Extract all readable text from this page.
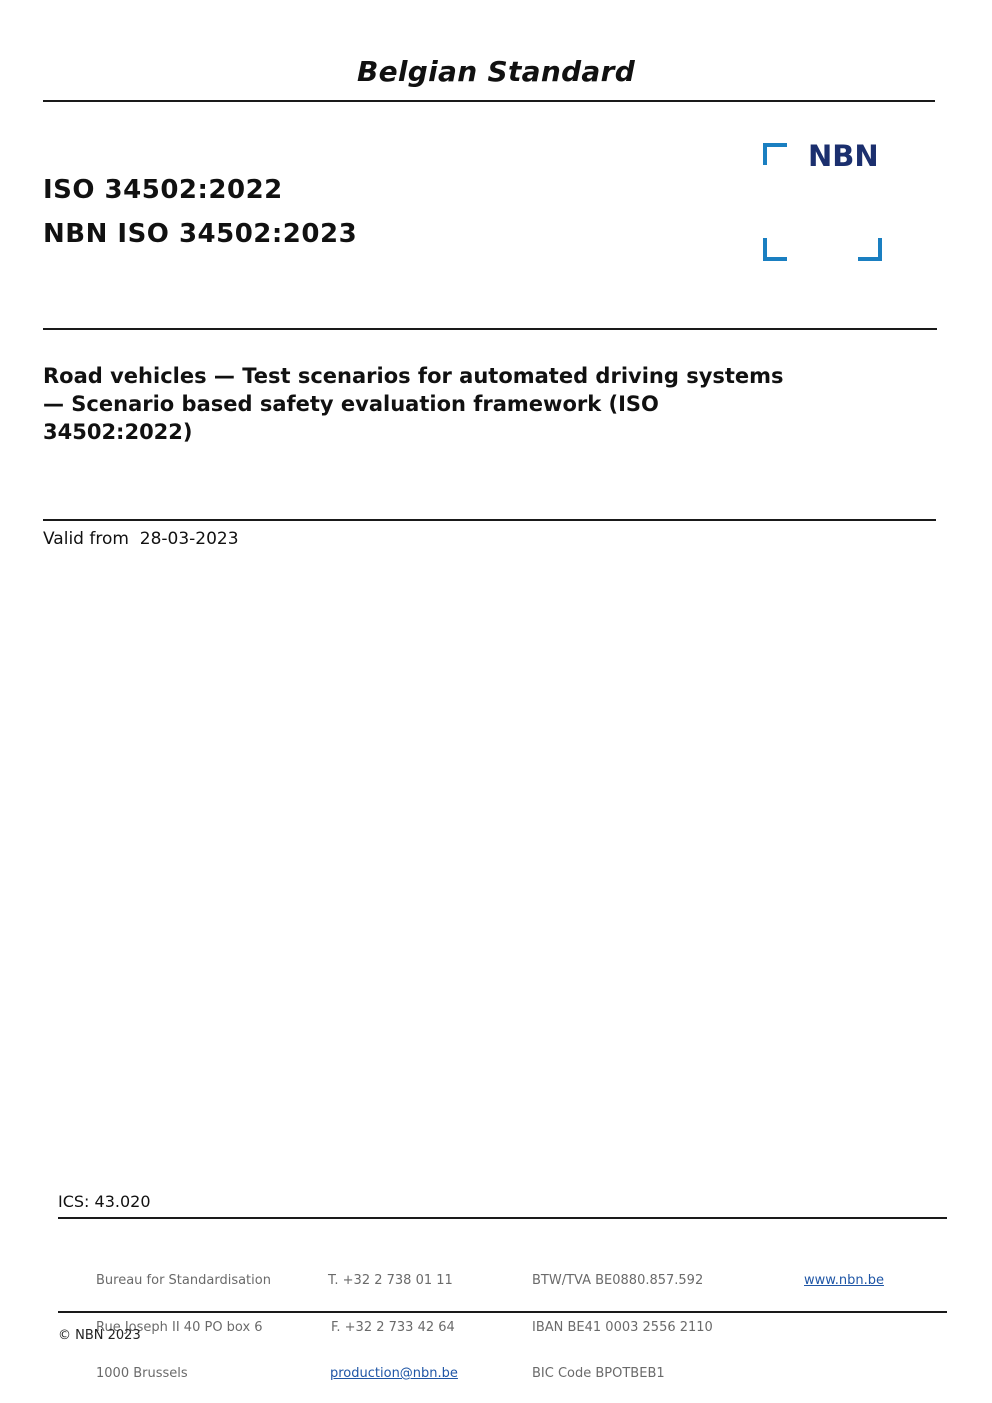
Belgian Standard
ISO 34502:2022
NBN ISO 34502:2023
NBN
Road vehicles — Test scenarios for automated driving systems
— Scenario based safety evaluation framework (ISO
34502:2022)
Valid from 28-03-2023
ICS: 43.020

Bureau for Standardisation

Rue Joseph II 40 PO box 6

1000 Brussels

T. +32 2 738 01 11

F. +32 2 733 42 64

production@nbn.be

BTW/TVA BE0880.857.592

IBAN BE41 0003 2556 2110

BIC Code BPOTBEB1

www.nbn.be

© NBN 2023
